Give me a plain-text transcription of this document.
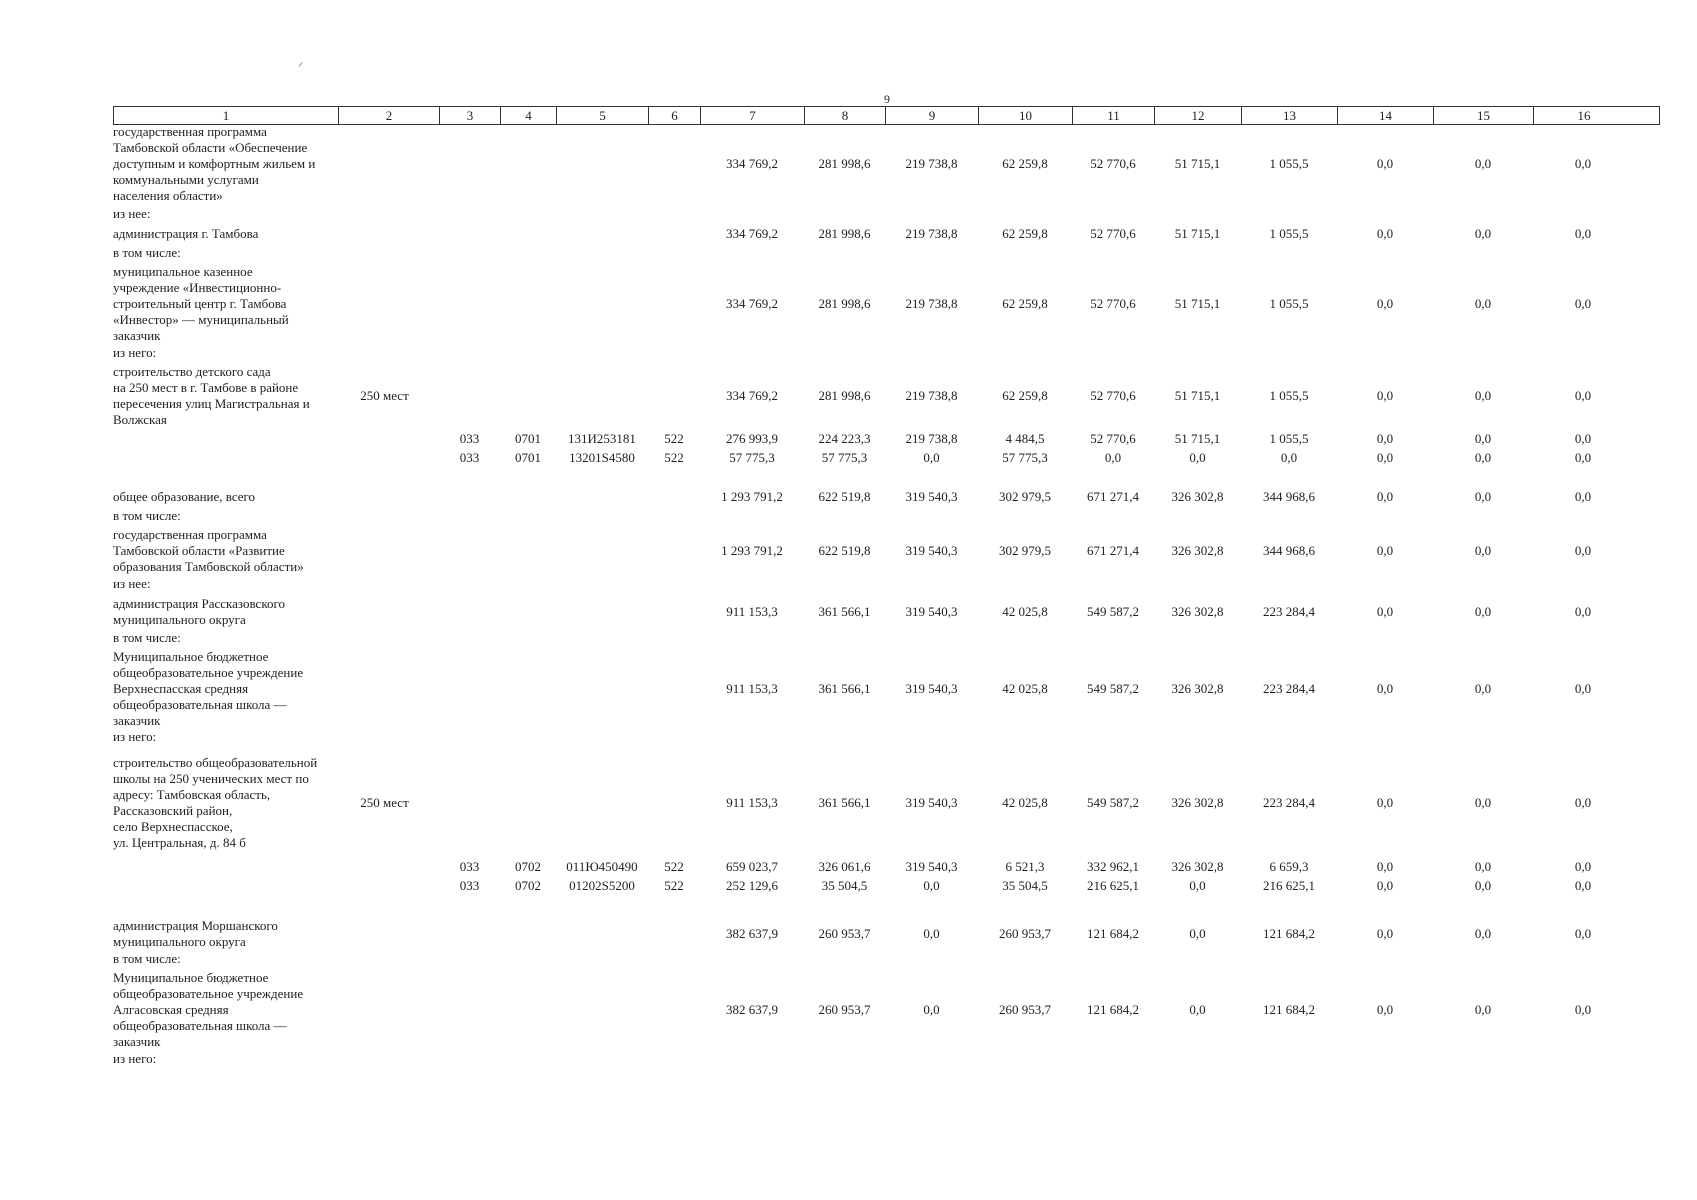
9
1	2	3	4	5	6	7	8	9	10	11	12	13	14	15	16
государственная программа
Тамбовской области «Обеспечение
доступным и комфортным жильем и
коммунальными услугами
населения области»
334 769,2	281 998,6	219 738,8	62 259,8	52 770,6	51 715,1	1 055,5	0,0	0,0	0,0
из нее:
администрация г. Тамбова	334 769,2	281 998,6	219 738,8	62 259,8	52 770,6	51 715,1	1 055,5	0,0	0,0	0,0
в том числе:
муниципальное казенное
учреждение «Инвестиционно-
строительный центр г. Тамбова
«Инвестор» — муниципальный
заказчик
334 769,2	281 998,6	219 738,8	62 259,8	52 770,6	51 715,1	1 055,5	0,0	0,0	0,0
из него:
строительство детского сада
на 250 мест в г. Тамбове в районе
пересечения улиц Магистральная и
Волжская
250 мест	334 769,2	281 998,6	219 738,8	62 259,8	52 770,6	51 715,1	1 055,5	0,0	0,0	0,0
033	0701	131И253181	522	276 993,9	224 223,3	219 738,8	4 484,5	52 770,6	51 715,1	1 055,5	0,0	0,0	0,0
033	0701	13201S4580	522	57 775,3	57 775,3	0,0	57 775,3	0,0	0,0	0,0	0,0	0,0	0,0
общее образование, всего	1 293 791,2	622 519,8	319 540,3	302 979,5	671 271,4	326 302,8	344 968,6	0,0	0,0	0,0
в том числе:
государственная программа
Тамбовской области «Развитие
образования Тамбовской области»
1 293 791,2	622 519,8	319 540,3	302 979,5	671 271,4	326 302,8	344 968,6	0,0	0,0	0,0
из нее:
администрация Рассказовского
муниципального округа
911 153,3	361 566,1	319 540,3	42 025,8	549 587,2	326 302,8	223 284,4	0,0	0,0	0,0
в том числе:
Муниципальное бюджетное
общеобразовательное учреждение
Верхнеспасская средняя
общеобразовательная школа —
заказчик
911 153,3	361 566,1	319 540,3	42 025,8	549 587,2	326 302,8	223 284,4	0,0	0,0	0,0
из него:
строительство общеобразовательной
школы на 250 ученических мест по
адресу: Тамбовская область,
Рассказовский район,
село Верхнеспасское,
ул. Центральная, д. 84 б
250 мест	911 153,3	361 566,1	319 540,3	42 025,8	549 587,2	326 302,8	223 284,4	0,0	0,0	0,0
033	0702	011Ю450490	522	659 023,7	326 061,6	319 540,3	6 521,3	332 962,1	326 302,8	6 659,3	0,0	0,0	0,0
033	0702	01202S5200	522	252 129,6	35 504,5	0,0	35 504,5	216 625,1	0,0	216 625,1	0,0	0,0	0,0
администрация Моршанского
муниципального округа
382 637,9	260 953,7	0,0	260 953,7	121 684,2	0,0	121 684,2	0,0	0,0	0,0
в том числе:
Муниципальное бюджетное
общеобразовательное учреждение
Алгасовская средняя
общеобразовательная школа —
заказчик
382 637,9	260 953,7	0,0	260 953,7	121 684,2	0,0	121 684,2	0,0	0,0	0,0
из него:
